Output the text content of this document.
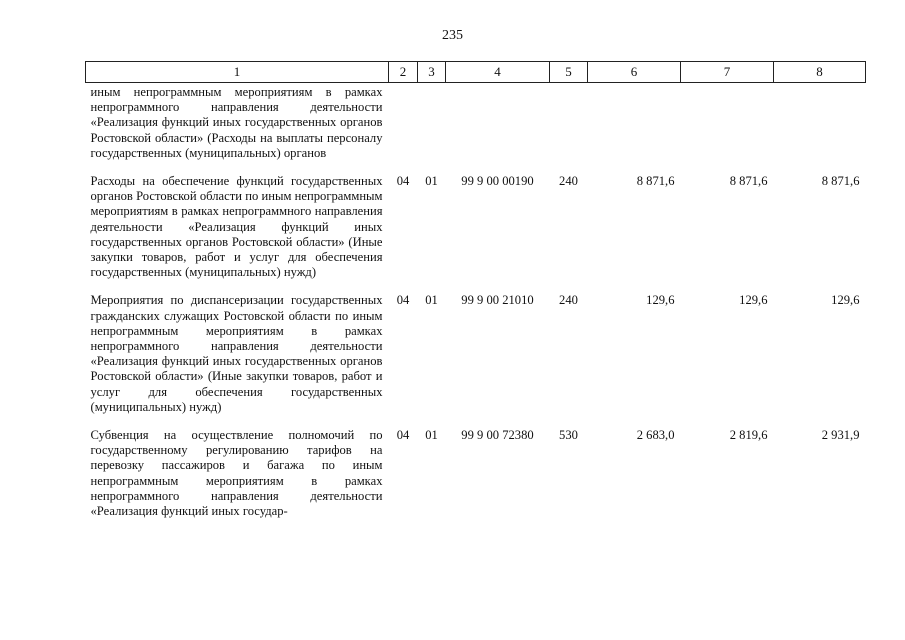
235
1	2	3	4	5	6	7	8
иным непрограммным мероприятиям в рамках непрограммного направления деятельности «Реализация функций иных государственных органов Ростовской области» (Расходы на выплаты персоналу государственных (муниципальных) органов							
Расходы на обеспечение функций государственных органов Ростовской области по иным непрограммным мероприятиям в рамках непрограммного направления деятельности «Реализация функций иных государственных органов Ростовской области» (Иные закупки товаров, работ и услуг для обеспечения государственных (муниципальных) нужд)	04	01	99 9 00 00190	240	8 871,6	8 871,6	8 871,6
Мероприятия по диспансеризации государственных гражданских служащих Ростовской области по иным непрограммным мероприятиям в рамках непрограммного направления деятельности «Реализация функций иных государственных органов Ростовской области» (Иные закупки товаров, работ и услуг для обеспечения государственных (муниципальных) нужд)	04	01	99 9 00 21010	240	129,6	129,6	129,6
Субвенция на осуществление полномочий по государственному регулированию тарифов на перевозку пассажиров и багажа по иным непрограммным мероприятиям в рамках непрограммного направления деятельности «Реализация функций иных государ-	04	01	99 9 00 72380	530	2 683,0	2 819,6	2 931,9
